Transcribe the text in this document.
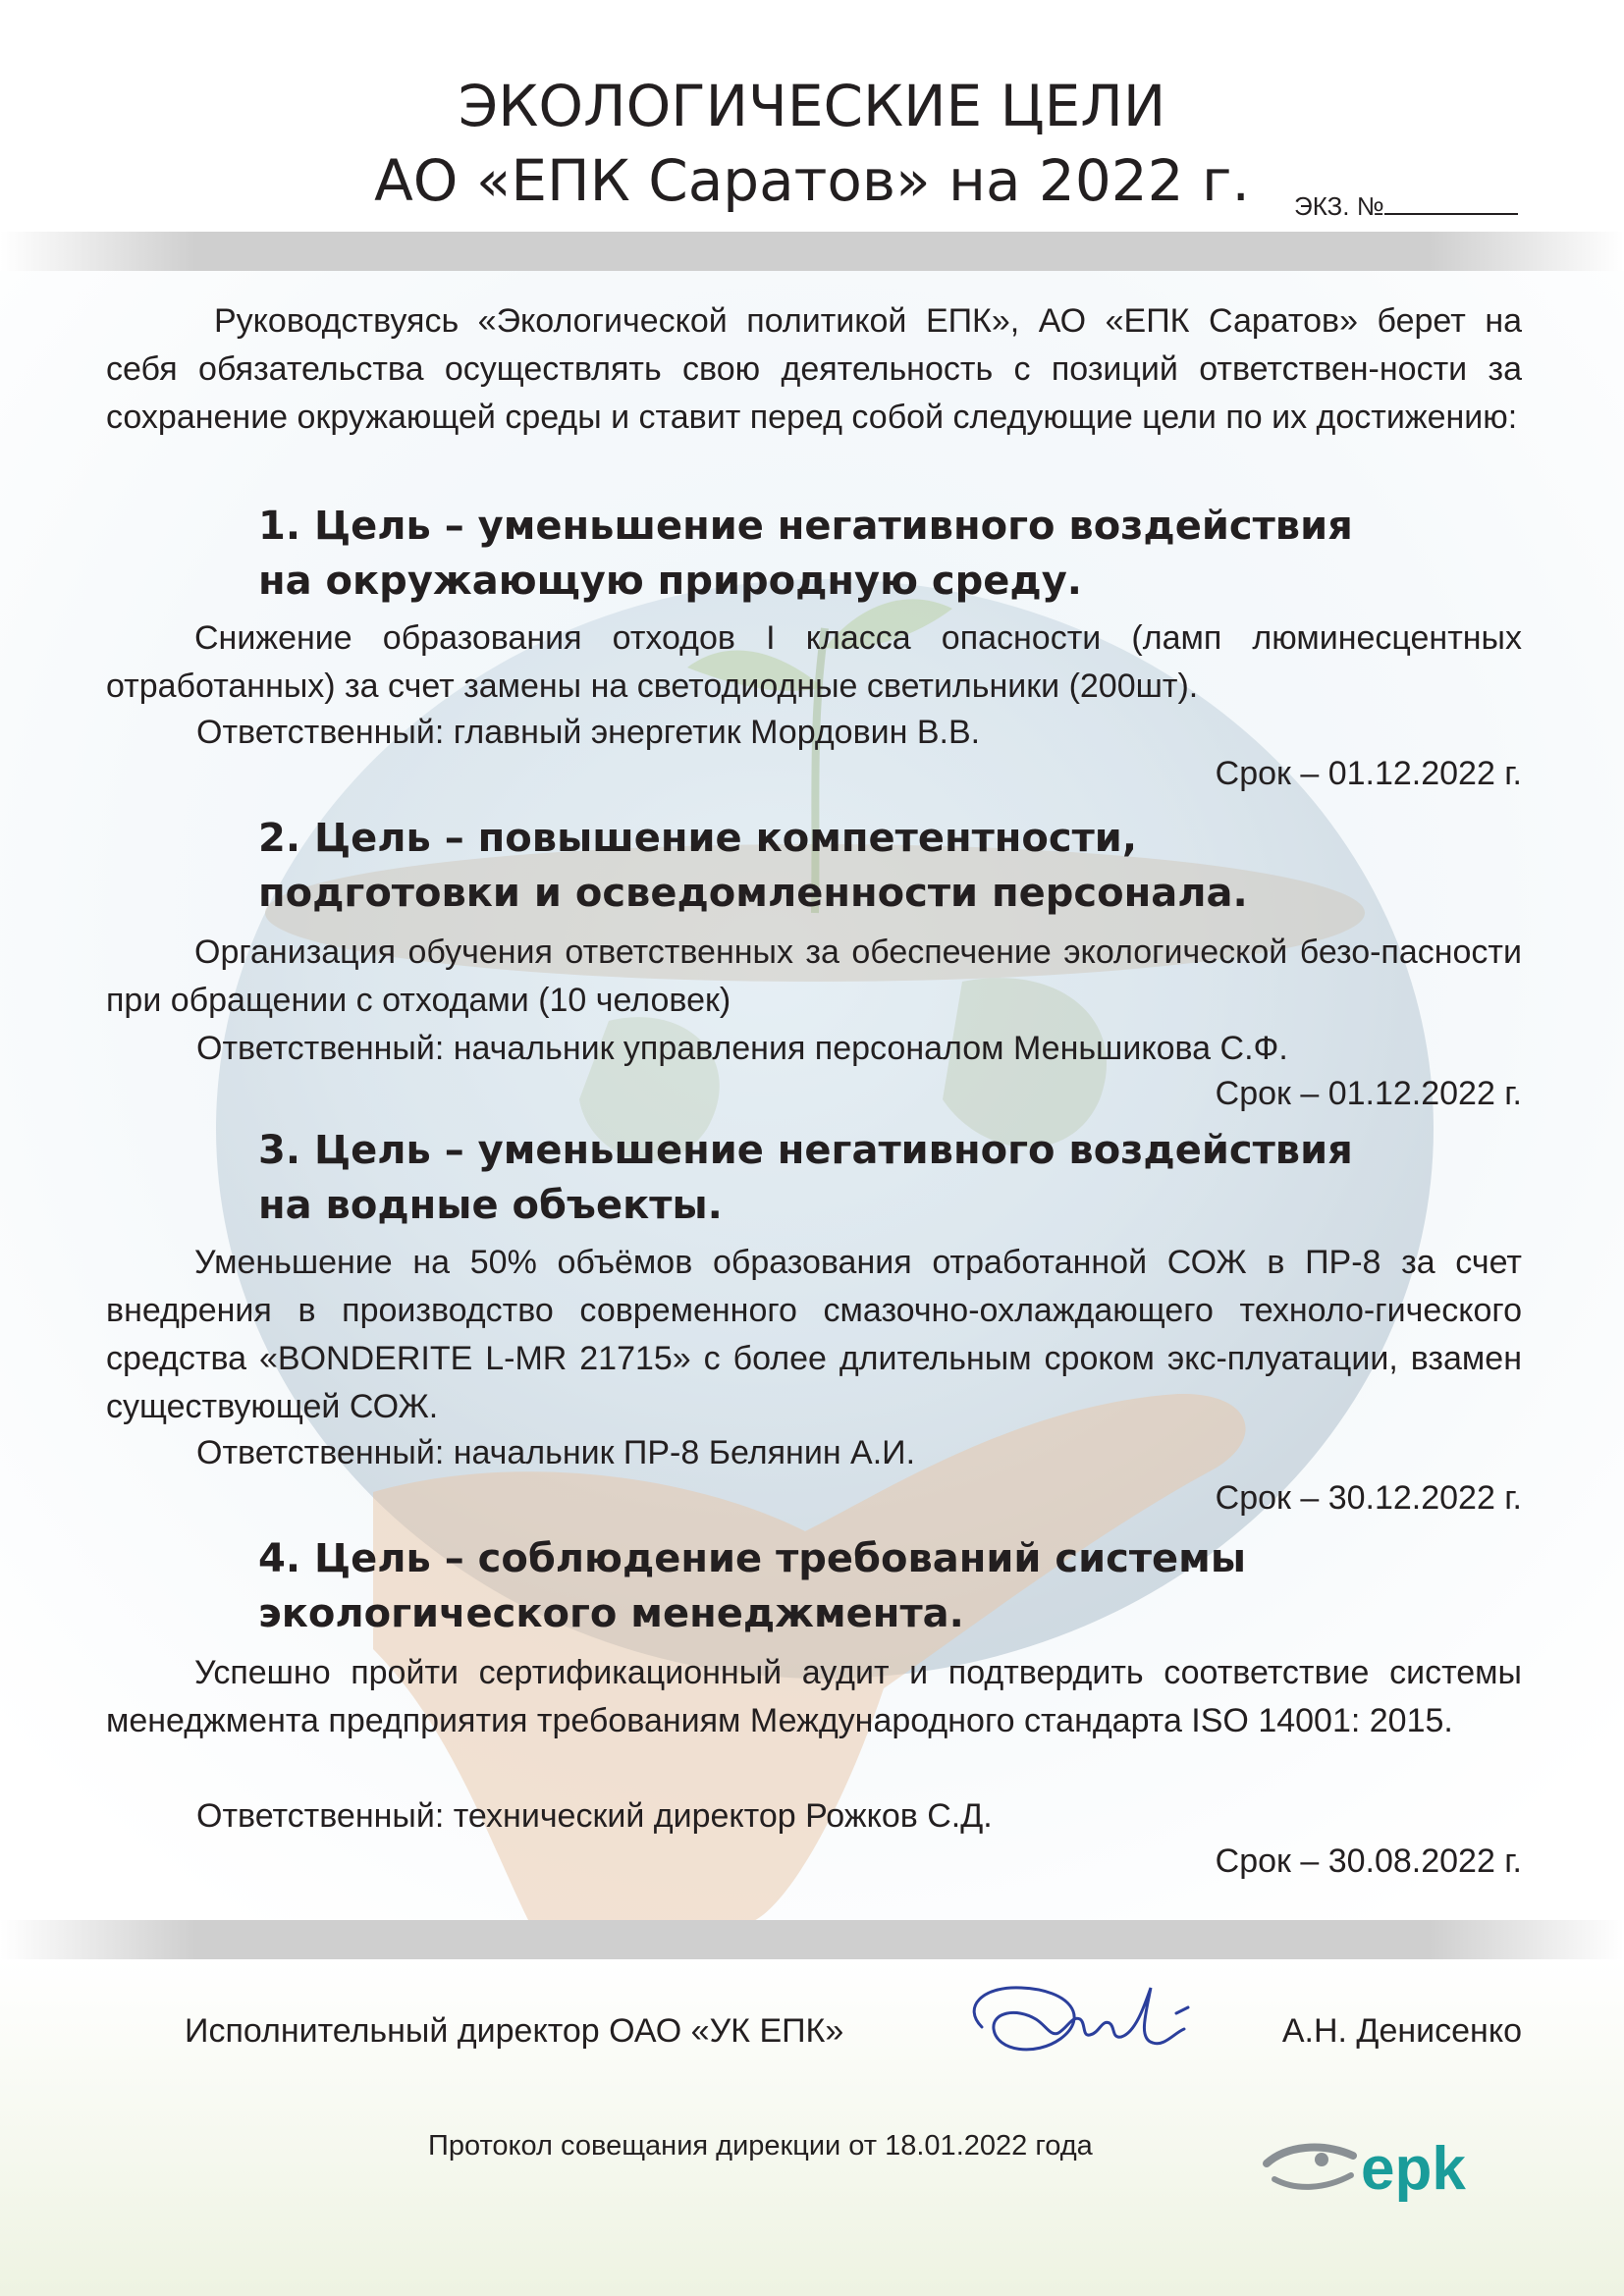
ЭКОЛОГИЧЕСКИЕ ЦЕЛИ
АО «ЕПК Саратов» на 2022 г.	ЭКЗ. №
Руководствуясь «Экологической политикой ЕПК», АО «ЕПК Саратов» берет на себя обязательства осуществлять свою деятельность с позиций ответствен-ности за сохранение окружающей среды и ставит перед собой следующие цели по их достижению:
1. Цель – уменьшение негативного воздействия
на окружающую природную среду.
Снижение образования отходов I класса опасности (ламп люминесцентных отработанных) за счет замены на светодиодные светильники (200шт).
Ответственный: главный энергетик Мордовин В.В.
Срок – 01.12.2022 г.
2. Цель – повышение компетентности,
подготовки и осведомленности персонала.
Организация обучения ответственных за обеспечение экологической безо-пасности при обращении с отходами (10 человек)
Ответственный: начальник управления персоналом Меньшикова С.Ф.
Срок – 01.12.2022 г.
3. Цель – уменьшение негативного воздействия
на водные объекты.
Уменьшение на 50% объёмов образования отработанной СОЖ в ПР-8 за счет внедрения в производство современного смазочно-охлаждающего техноло-гического средства «BONDERITE L-MR 21715» с более длительным сроком экс-плуатации, взамен существующей СОЖ.
Ответственный: начальник ПР-8 Белянин А.И.
Срок – 30.12.2022 г.
4. Цель – соблюдение требований системы
экологического менеджмента.
Успешно пройти сертификационный аудит и подтвердить соответствие системы менеджмента предприятия требованиям Международного стандарта ISO 14001: 2015.
Ответственный: технический директор Рожков С.Д.
Срок – 30.08.2022 г.
Исполнительный директор ОАО «УК ЕПК»	А.Н. Денисенко
Протокол совещания дирекции от 18.01.2022 года	epk
